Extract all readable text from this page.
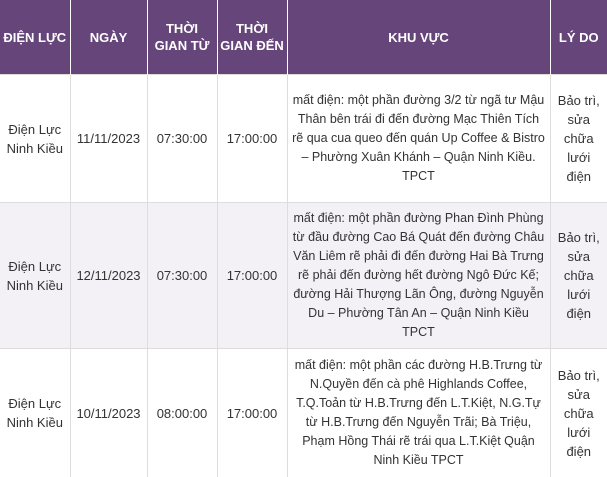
ĐIỆN LỰC	NGÀY	THỜI GIAN TỪ	THỜI GIAN ĐẾN	KHU VỰC	LÝ DO
Điện Lực Ninh Kiều	11/11/2023	07:30:00	17:00:00	mất điện: một phần đường 3/2 từ ngã tư Mậu Thân bên trái đi đến đường Mạc Thiên Tích rẽ qua cua queo đến quán Up Coffee & Bistro – Phường Xuân Khánh – Quận Ninh Kiều. TPCT	Bảo trì, sửa chữa lưới điện
Điện Lực Ninh Kiều	12/11/2023	07:30:00	17:00:00	mất điện: một phần đường Phan Đình Phùng từ đầu đường Cao Bá Quát đến đường Châu Văn Liêm rẽ phải đi đến đường Hai Bà Trưng rẽ phải đến đường hết đường Ngô Đức Kế; đường Hải Thượng Lãn Ông, đường Nguyễn Du – Phường Tân An – Quận Ninh Kiều TPCT	Bảo trì, sửa chữa lưới điện
Điện Lực Ninh Kiều	10/11/2023	08:00:00	17:00:00	mất điện: một phần các đường H.B.Trưng từ N.Quyền đến cà phê Highlands Coffee, T.Q.Toản từ H.B.Trưng đến L.T.Kiệt, N.G.Tự từ H.B.Trưng đến Nguyễn Trãi; Bà Triệu, Phạm Hồng Thái rẽ trái qua L.T.Kiệt Quận Ninh Kiều TPCT	Bảo trì, sửa chữa lưới điện
